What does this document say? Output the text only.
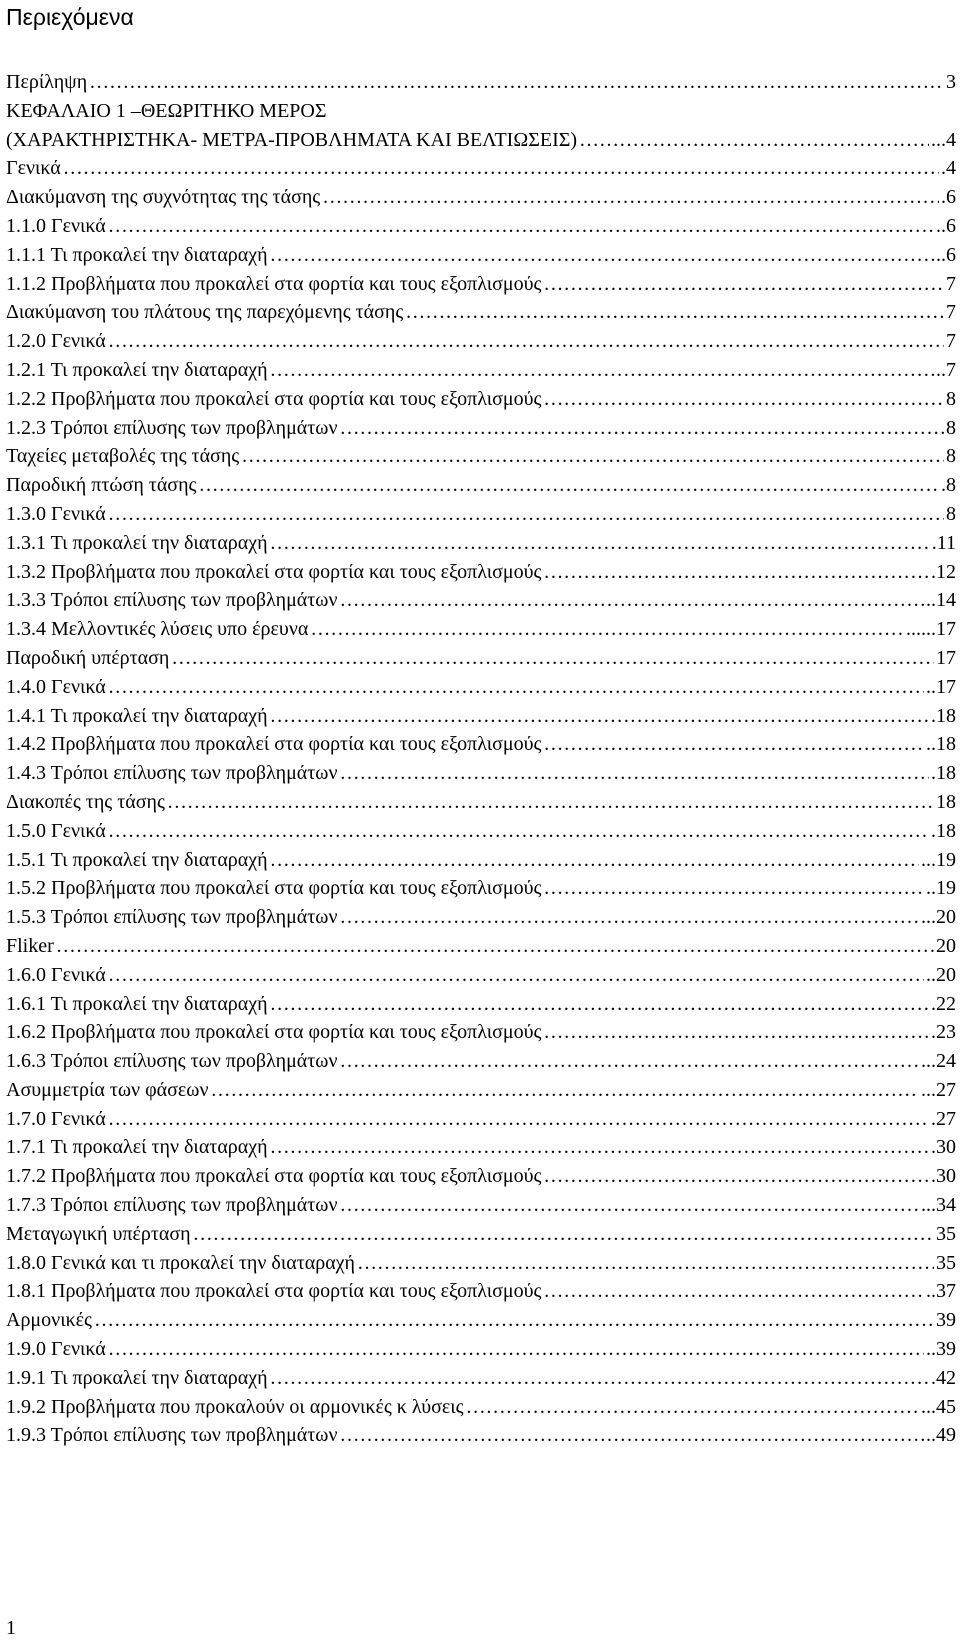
Περιεχόμενα
Περίληψη ……………………………………………………………………………………………………………………………………………………………………………………………………	3
ΚΕΦΑΛΑΙΟ 1 –ΘΕΩΡΙΤΗΚΟ ΜΕΡΟΣ
(ΧΑΡΑΚΤΗΡΙΣΤΗΚΑ- ΜΕΤΡΑ-ΠΡΟΒΛΗΜΑΤΑ ΚΑΙ ΒΕΛΤΙΩΣΕΙΣ) ……………………………………………………………………………………………………………………………………………………………………………………………………	...4
Γενικά ……………………………………………………………………………………………………………………………………………………………………………………………………	.4
Διακύμανση της συχνότητας της τάσης ……………………………………………………………………………………………………………………………………………………………………………………………………	.6
1.1.0 Γενικά ……………………………………………………………………………………………………………………………………………………………………………………………………	..6
1.1.1 Τι προκαλεί την διαταραχή ……………………………………………………………………………………………………………………………………………………………………………………………………	..6
1.1.2 Προβλήματα που προκαλεί στα φορτία και τους εξοπλισμούς ……………………………………………………………………………………………………………………………………………………………………………………………………	7
Διακύμανση του πλάτους της παρεχόμενης τάσης ……………………………………………………………………………………………………………………………………………………………………………………………………	7
1.2.0 Γενικά ……………………………………………………………………………………………………………………………………………………………………………………………………	7
1.2.1 Τι προκαλεί την διαταραχή ……………………………………………………………………………………………………………………………………………………………………………………………………	..7
1.2.2 Προβλήματα που προκαλεί στα φορτία και τους εξοπλισμούς ……………………………………………………………………………………………………………………………………………………………………………………………………	8
1.2.3 Τρόποι επίλυσης των προβλημάτων ……………………………………………………………………………………………………………………………………………………………………………………………………	8
Ταχείες μεταβολές της τάσης ……………………………………………………………………………………………………………………………………………………………………………………………………	8
Παροδική πτώση τάσης ……………………………………………………………………………………………………………………………………………………………………………………………………	.8
1.3.0 Γενικά ……………………………………………………………………………………………………………………………………………………………………………………………………	8
1.3.1 Τι προκαλεί την διαταραχή ……………………………………………………………………………………………………………………………………………………………………………………………………	.11
1.3.2 Προβλήματα που προκαλεί στα φορτία και τους εξοπλισμούς ……………………………………………………………………………………………………………………………………………………………………………………………………	.12
1.3.3 Τρόποι επίλυσης των προβλημάτων ……………………………………………………………………………………………………………………………………………………………………………………………………	..14
1.3.4 Μελλοντικές λύσεις υπο έρευνα ……………………………………………………………………………………………………………………………………………………………………………………………………	......17
Παροδική υπέρταση ……………………………………………………………………………………………………………………………………………………………………………………………………	17
1.4.0 Γενικά ……………………………………………………………………………………………………………………………………………………………………………………………………	..17
1.4.1 Τι προκαλεί την διαταραχή ……………………………………………………………………………………………………………………………………………………………………………………………………	.18
1.4.2 Προβλήματα που προκαλεί στα φορτία και τους εξοπλισμούς ……………………………………………………………………………………………………………………………………………………………………………………………………	..18
1.4.3 Τρόποι επίλυσης των προβλημάτων ……………………………………………………………………………………………………………………………………………………………………………………………………	.18
Διακοπές της τάσης ……………………………………………………………………………………………………………………………………………………………………………………………………	18
1.5.0 Γενικά ……………………………………………………………………………………………………………………………………………………………………………………………………	.18
1.5.1 Τι προκαλεί την διαταραχή ……………………………………………………………………………………………………………………………………………………………………………………………………	...19
1.5.2 Προβλήματα που προκαλεί στα φορτία και τους εξοπλισμούς ……………………………………………………………………………………………………………………………………………………………………………………………………	..19
1.5.3 Τρόποι επίλυσης των προβλημάτων ……………………………………………………………………………………………………………………………………………………………………………………………………	...20
Fliker ……………………………………………………………………………………………………………………………………………………………………………………………………	20
1.6.0 Γενικά ……………………………………………………………………………………………………………………………………………………………………………………………………	..20
1.6.1 Τι προκαλεί την διαταραχή ……………………………………………………………………………………………………………………………………………………………………………………………………	.22
1.6.2 Προβλήματα που προκαλεί στα φορτία και τους εξοπλισμούς ……………………………………………………………………………………………………………………………………………………………………………………………………	.23
1.6.3 Τρόποι επίλυσης των προβλημάτων ……………………………………………………………………………………………………………………………………………………………………………………………………	...24
Ασυμμετρία των φάσεων ……………………………………………………………………………………………………………………………………………………………………………………………………	...27
1.7.0 Γενικά ……………………………………………………………………………………………………………………………………………………………………………………………………	.27
1.7.1 Τι προκαλεί την διαταραχή ……………………………………………………………………………………………………………………………………………………………………………………………………	.30
1.7.2 Προβλήματα που προκαλεί στα φορτία και τους εξοπλισμούς ……………………………………………………………………………………………………………………………………………………………………………………………………	.30
1.7.3 Τρόποι επίλυσης των προβλημάτων ……………………………………………………………………………………………………………………………………………………………………………………………………	...34
Μεταγωγική υπέρταση ……………………………………………………………………………………………………………………………………………………………………………………………………	35
1.8.0 Γενικά και τι προκαλεί την διαταραχή ……………………………………………………………………………………………………………………………………………………………………………………………………	35
1.8.1 Προβλήματα που προκαλεί στα φορτία και τους εξοπλισμούς ……………………………………………………………………………………………………………………………………………………………………………………………………	..37
Αρμονικές ……………………………………………………………………………………………………………………………………………………………………………………………………	39
1.9.0 Γενικά ……………………………………………………………………………………………………………………………………………………………………………………………………	..39
1.9.1 Τι προκαλεί την διαταραχή ……………………………………………………………………………………………………………………………………………………………………………………………………	.42
1.9.2 Προβλήματα που προκαλούν οι αρμονικές κ λύσεις ……………………………………………………………………………………………………………………………………………………………………………………………………	...45
1.9.3 Τρόποι επίλυσης των προβλημάτων ……………………………………………………………………………………………………………………………………………………………………………………………………	..49
1
